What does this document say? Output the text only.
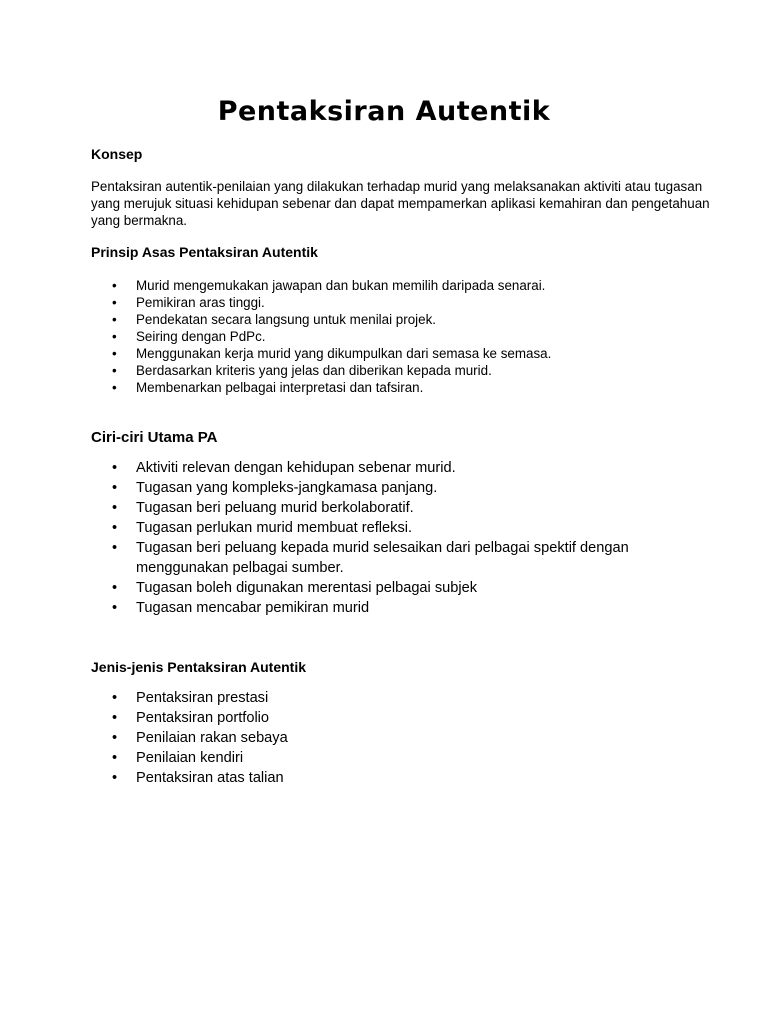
Pentaksiran Autentik
Konsep

Pentaksiran autentik-penilaian yang dilakukan terhadap murid yang melaksanakan aktiviti atau tugasan yang merujuk situasi kehidupan sebenar dan dapat mempamerkan aplikasi kemahiran dan pengetahuan yang bermakna.

Prinsip Asas Pentaksiran Autentik
• Murid mengemukakan jawapan dan bukan memilih daripada senarai.
• Pemikiran aras tinggi.
• Pendekatan secara langsung untuk menilai projek.
• Seiring dengan PdPc.
• Menggunakan kerja murid yang dikumpulkan dari semasa ke semasa.
• Berdasarkan kriteris yang jelas dan diberikan kepada murid.
• Membenarkan pelbagai interpretasi dan tafsiran.
Ciri-ciri Utama PA
• Aktiviti relevan dengan kehidupan sebenar murid.
• Tugasan yang kompleks-jangkamasa panjang.
• Tugasan beri peluang murid berkolaboratif.
• Tugasan perlukan murid membuat refleksi.
• Tugasan beri peluang kepada murid selesaikan dari pelbagai spektif dengan menggunakan pelbagai sumber.
• Tugasan boleh digunakan merentasi pelbagai subjek
• Tugasan mencabar pemikiran murid
Jenis-jenis Pentaksiran Autentik
• Pentaksiran prestasi
• Pentaksiran portfolio
• Penilaian rakan sebaya
• Penilaian kendiri
• Pentaksiran atas talian
